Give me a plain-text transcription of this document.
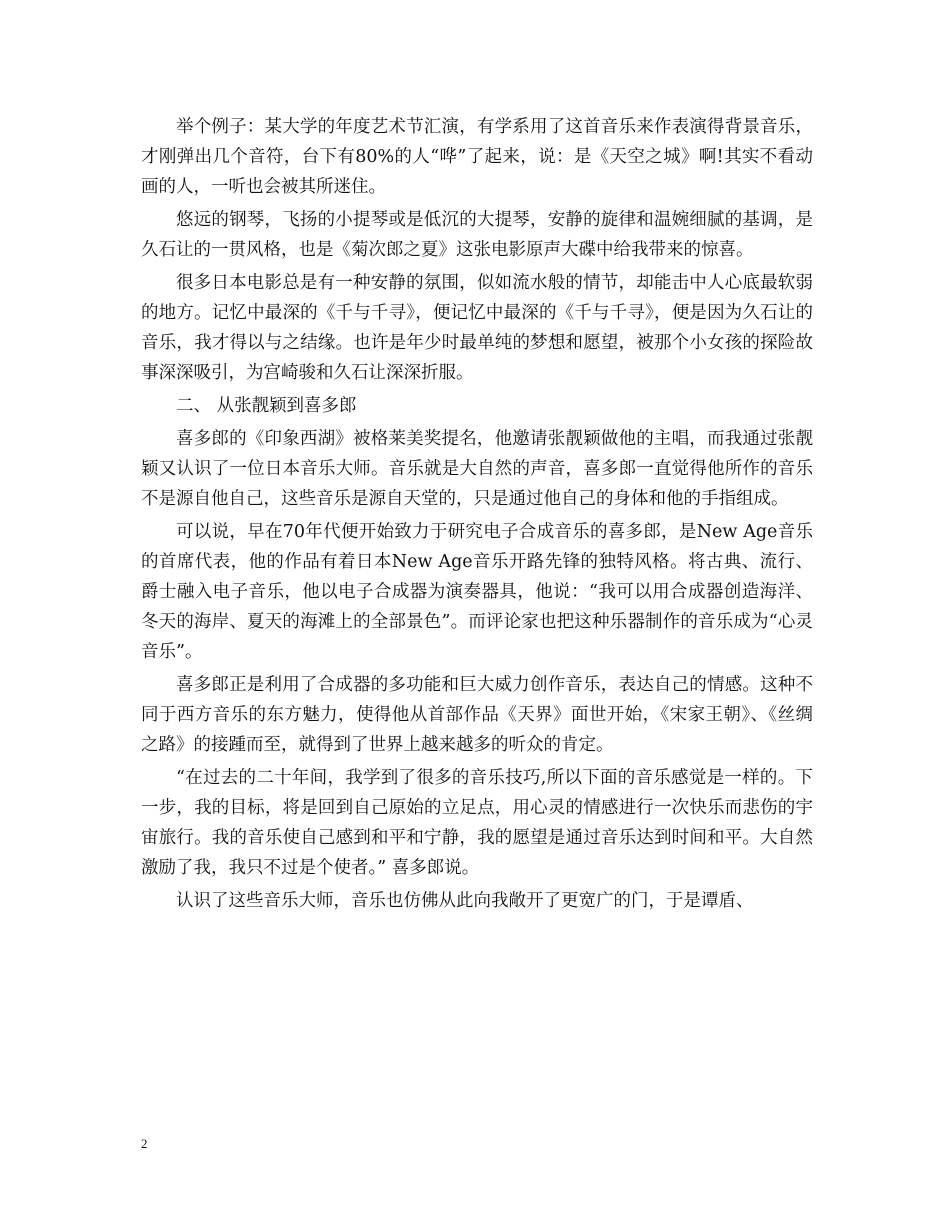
举个例子：某大学的年度艺术节汇演，有学系用了这首音乐来作表演得背景音乐，才刚弹出几个音符，台下有80%的人“哗”了起来，说：是《天空之城》啊!其实不看动画的人，一听也会被其所迷住。

悠远的钢琴，飞扬的小提琴或是低沉的大提琴，安静的旋律和温婉细腻的基调，是久石让的一贯风格，也是《菊次郎之夏》这张电影原声大碟中给我带来的惊喜。

很多日本电影总是有一种安静的氛围，似如流水般的情节，却能击中人心底最软弱的地方。记忆中最深的《千与千寻》，便记忆中最深的《千与千寻》，便是因为久石让的音乐，我才得以与之结缘。也许是年少时最单纯的梦想和愿望，被那个小女孩的探险故事深深吸引，为宫崎骏和久石让深深折服。

二、 从张靓颖到喜多郎

喜多郎的《印象西湖》被格莱美奖提名，他邀请张靓颖做他的主唱，而我通过张靓颖又认识了一位日本音乐大师。音乐就是大自然的声音，喜多郎一直觉得他所作的音乐不是源自他自己，这些音乐是源自天堂的，只是通过他自己的身体和他的手指组成。

可以说，早在70年代便开始致力于研究电子合成音乐的喜多郎，是New Age音乐的首席代表，他的作品有着日本New Age音乐开路先锋的独特风格。将古典、流行、爵士融入电子音乐，他以电子合成器为演奏器具，他说：“我可以用合成器创造海洋、冬天的海岸、夏天的海滩上的全部景色”。而评论家也把这种乐器制作的音乐成为“心灵音乐”。

喜多郎正是利用了合成器的多功能和巨大威力创作音乐，表达自己的情感。这种不同于西方音乐的东方魅力，使得他从首部作品《天界》面世开始，《宋家王朝》、《丝绸之路》的接踵而至，就得到了世界上越来越多的听众的肯定。

“在过去的二十年间，我学到了很多的音乐技巧,所以下面的音乐感觉是一样的。下一步，我的目标，将是回到自己原始的立足点，用心灵的情感进行一次快乐而悲伤的宇宙旅行。我的音乐使自己感到和平和宁静，我的愿望是通过音乐达到时间和平。大自然激励了我，我只不过是个使者。” 喜多郎说。

认识了这些音乐大师，音乐也仿佛从此向我敞开了更宽广的门，于是谭盾、

2
